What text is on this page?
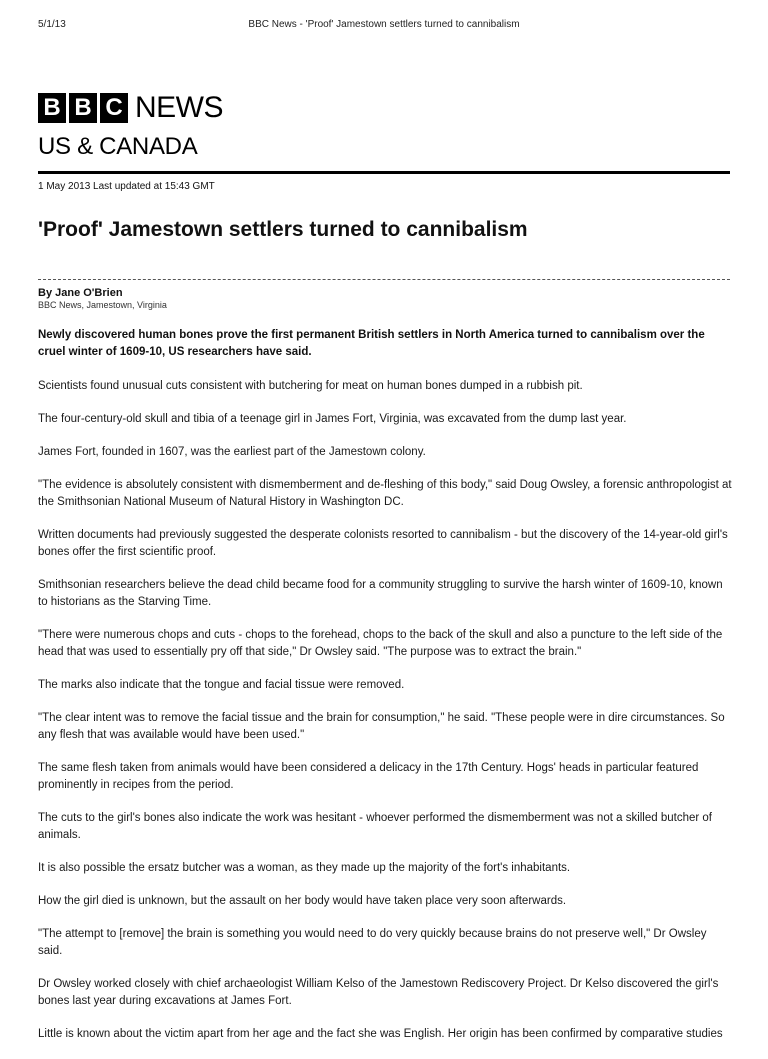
5/1/13	BBC News - 'Proof' Jamestown settlers turned to cannibalism
B B C NEWS
US & CANADA
1 May 2013 Last updated at 15:43 GMT
'Proof' Jamestown settlers turned to cannibalism
By Jane O'Brien
BBC News, Jamestown, Virginia

Newly discovered human bones prove the first permanent British settlers in North America turned to cannibalism over the cruel winter of 1609-10, US researchers have said.

Scientists found unusual cuts consistent with butchering for meat on human bones dumped in a rubbish pit.

The four-century-old skull and tibia of a teenage girl in James Fort, Virginia, was excavated from the dump last year.

James Fort, founded in 1607, was the earliest part of the Jamestown colony.

"The evidence is absolutely consistent with dismemberment and de-fleshing of this body," said Doug Owsley, a forensic anthropologist at the Smithsonian National Museum of Natural History in Washington DC.

Written documents had previously suggested the desperate colonists resorted to cannibalism - but the discovery of the 14-year-old girl's bones offer the first scientific proof.

Smithsonian researchers believe the dead child became food for a community struggling to survive the harsh winter of 1609-10, known to historians as the Starving Time.

"There were numerous chops and cuts - chops to the forehead, chops to the back of the skull and also a puncture to the left side of the head that was used to essentially pry off that side," Dr Owsley said. "The purpose was to extract the brain."

The marks also indicate that the tongue and facial tissue were removed.

"The clear intent was to remove the facial tissue and the brain for consumption," he said. "These people were in dire circumstances. So any flesh that was available would have been used."

The same flesh taken from animals would have been considered a delicacy in the 17th Century. Hogs' heads in particular featured prominently in recipes from the period.

The cuts to the girl's bones also indicate the work was hesitant - whoever performed the dismemberment was not a skilled butcher of animals.

It is also possible the ersatz butcher was a woman, as they made up the majority of the fort's inhabitants.

How the girl died is unknown, but the assault on her body would have taken place very soon afterwards.

"The attempt to [remove] the brain is something you would need to do very quickly because brains do not preserve well," Dr Owsley said.

Dr Owsley worked closely with chief archaeologist William Kelso of the Jamestown Rediscovery Project. Dr Kelso discovered the girl's bones last year during excavations at James Fort.

Little is known about the victim apart from her age and the fact she was English. Her origin has been confirmed by comparative studies
